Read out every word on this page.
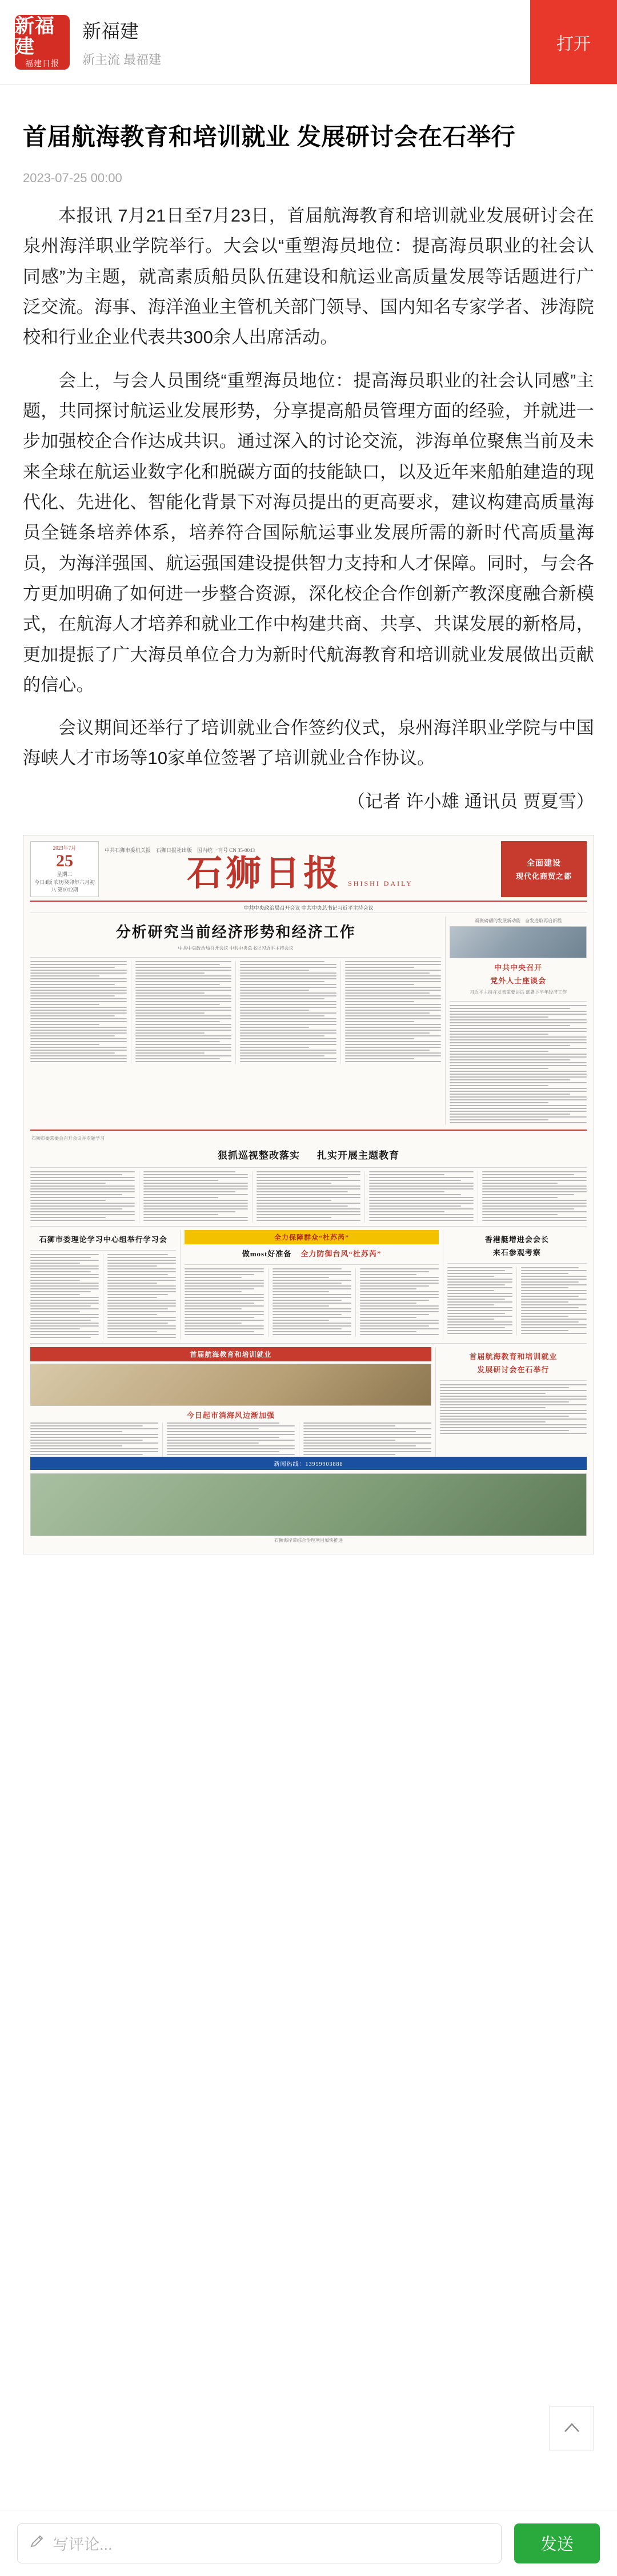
新福建
福建日报
新福建
新主流 最福建
打开
首届航海教育和培训就业 发展研讨会在石举行
2023-07-25 00:00

本报讯 7月21日至7月23日，首届航海教育和培训就业发展研讨会在泉州海洋职业学院举行。大会以“重塑海员地位：提高海员职业的社会认同感”为主题，就高素质船员队伍建设和航运业高质量发展等话题进行广泛交流。海事、海洋渔业主管机关部门领导、国内知名专家学者、涉海院校和行业企业代表共300余人出席活动。

会上，与会人员围绕“重塑海员地位：提高海员职业的社会认同感”主题，共同探讨航运业发展形势，分享提高船员管理方面的经验，并就进一步加强校企合作达成共识。通过深入的讨论交流，涉海单位聚焦当前及未来全球在航运业数字化和脱碳方面的技能缺口，以及近年来船舶建造的现代化、先进化、智能化背景下对海员提出的更高要求，建议构建高质量海员全链条培养体系，培养符合国际航运事业发展所需的新时代高质量海员，为海洋强国、航运强国建设提供智力支持和人才保障。同时，与会各方更加明确了如何进一步整合资源，深化校企合作创新产教深度融合新模式，在航海人才培养和就业工作中构建共商、共享、共谋发展的新格局，更加提振了广大海员单位合力为新时代航海教育和培训就业发展做出贡献的信心。

会议期间还举行了培训就业合作签约仪式，泉州海洋职业学院与中国海峡人才市场等10家单位签署了培训就业合作协议。

（记者 许小雄 通讯员 贾夏雪）

2023年7月
25
星期二
今日4版 农历癸卯年六月初八 第1012期
中共石狮市委机关报　石狮日报社出版　国内统一刊号 CN 35-0043
石狮日报 SHISHI DAILY
全面建设
现代化商贸之都
中共中央政治局召开会议 中共中央总书记习近平主持会议
分析研究当前经济形势和经济工作
中共中央政治局召开会议 中共中央总书记习近平主持会议
凝聚磅礴的发展新动能　奋发进取再启新程
中共中央召开
党外人士座谈会
习近平主持并发表重要讲话 部署下半年经济工作
石狮市委常委会召开会议并专题学习
狠抓巡视整改落实 扎实开展主题教育
石狮市委理论学习中心组举行学习会	全力保障群众“杜苏芮”
做most好准备 全力防御台风“杜苏芮”
香港艇增进会会长
来石参观考察
首届航海教育和培训就业
今日起市消海风边渐加强
首届航海教育和培训就业
发展研讨会在石举行
新闻热线：13959903888
石狮海岸带综合治理项目加快推进
写评论...	发送
